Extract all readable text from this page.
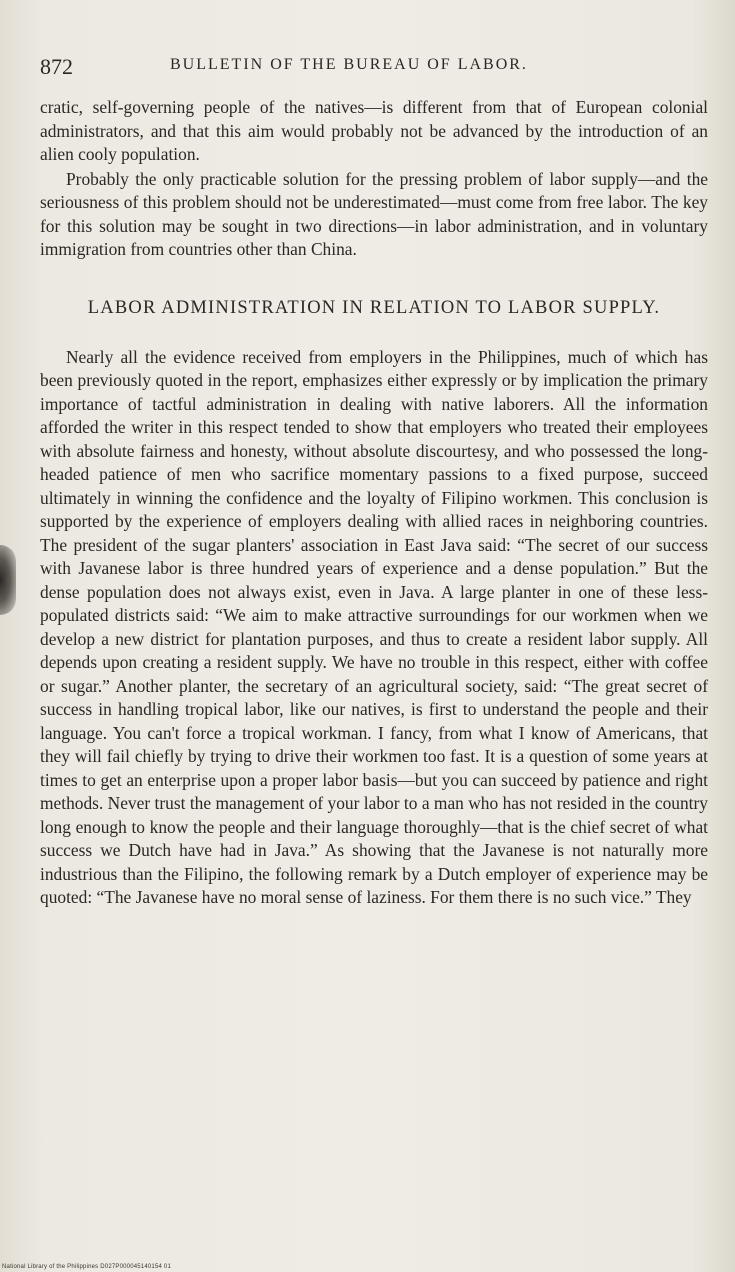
872	BULLETIN OF THE BUREAU OF LABOR.

cratic, self-governing people of the natives—is different from that of European colonial administrators, and that this aim would probably not be advanced by the introduction of an alien cooly population.

Probably the only practicable solution for the pressing problem of labor supply—and the seriousness of this problem should not be underestimated—must come from free labor. The key for this solution may be sought in two directions—in labor administration, and in voluntary immigration from countries other than China.

LABOR ADMINISTRATION IN RELATION TO LABOR SUPPLY.

Nearly all the evidence received from employers in the Philippines, much of which has been previously quoted in the report, emphasizes either expressly or by implication the primary importance of tactful administration in dealing with native laborers. All the information afforded the writer in this respect tended to show that employers who treated their employees with absolute fairness and honesty, without absolute discourtesy, and who possessed the long-headed patience of men who sacrifice momentary passions to a fixed purpose, succeed ultimately in winning the confidence and the loyalty of Filipino workmen. This conclusion is supported by the experience of employers dealing with allied races in neighboring countries. The president of the sugar planters' association in East Java said: “The secret of our success with Javanese labor is three hundred years of experience and a dense population.” But the dense population does not always exist, even in Java. A large planter in one of these less-populated districts said: “We aim to make attractive surroundings for our workmen when we develop a new district for plantation purposes, and thus to create a resident labor supply. All depends upon creating a resident supply. We have no trouble in this respect, either with coffee or sugar.” Another planter, the secretary of an agricultural society, said: “The great secret of success in handling tropical labor, like our natives, is first to understand the people and their language. You can't force a tropical workman. I fancy, from what I know of Americans, that they will fail chiefly by trying to drive their workmen too fast. It is a question of some years at times to get an enterprise upon a proper labor basis—but you can succeed by patience and right methods. Never trust the management of your labor to a man who has not resided in the country long enough to know the people and their language thoroughly—that is the chief secret of what success we Dutch have had in Java.” As showing that the Javanese is not naturally more industrious than the Filipino, the following remark by a Dutch employer of experience may be quoted: “The Javanese have no moral sense of laziness. For them there is no such vice.” They

National Library of the Philippines D027P000045140154 01
